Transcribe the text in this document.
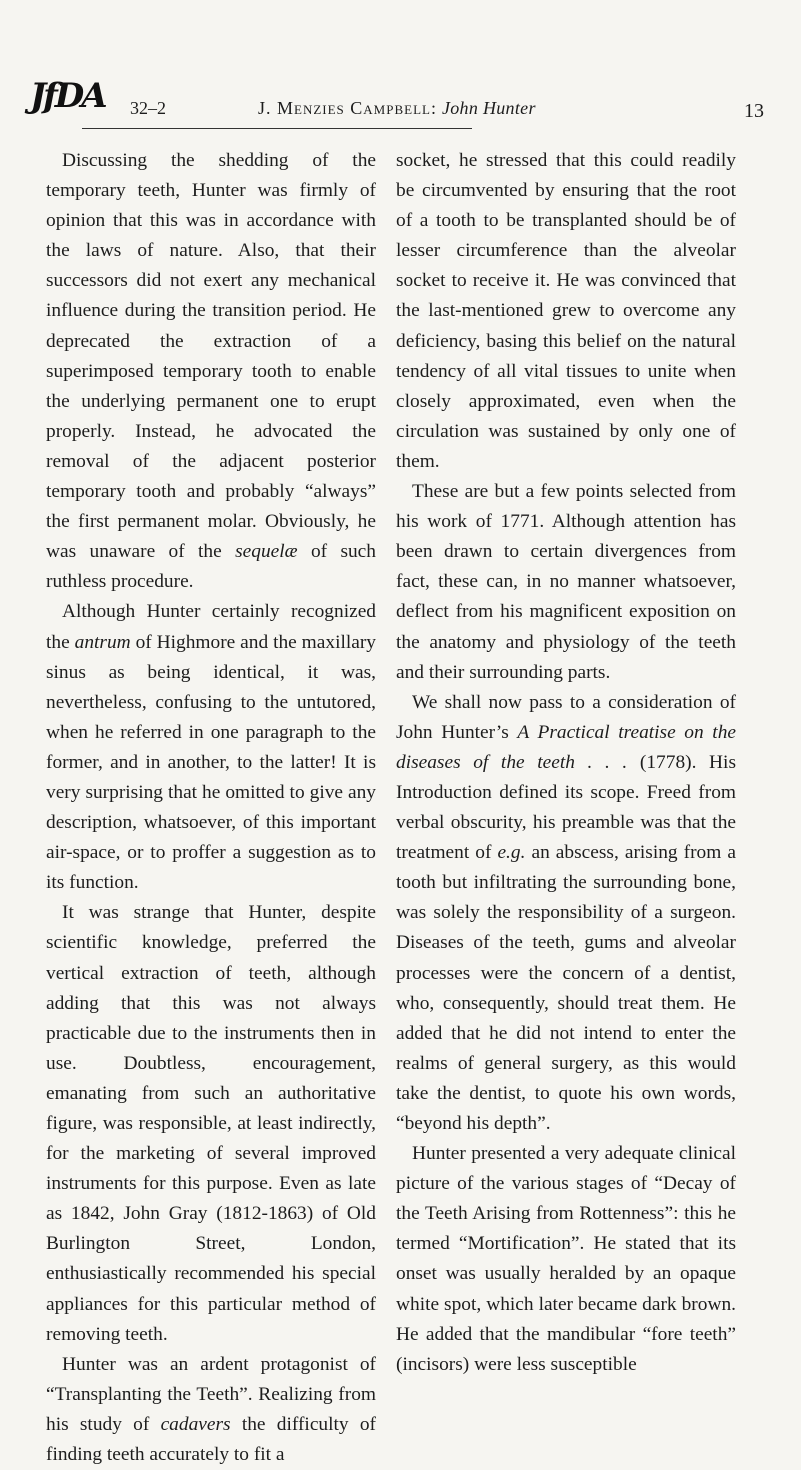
JfDA 32–2	J. Menzies Campbell: John Hunter	13

Discussing the shedding of the temporary teeth, Hunter was firmly of opinion that this was in accordance with the laws of nature. Also, that their successors did not exert any mechanical influence during the transition period. He deprecated the extraction of a superimposed temporary tooth to enable the underlying permanent one to erupt properly. Instead, he advocated the removal of the adjacent posterior temporary tooth and probably “always” the first permanent molar. Obviously, he was unaware of the sequelæ of such ruthless procedure.

Although Hunter certainly recognized the antrum of Highmore and the maxillary sinus as being identical, it was, nevertheless, confusing to the untutored, when he referred in one paragraph to the former, and in another, to the latter! It is very surprising that he omitted to give any description, whatsoever, of this important air-space, or to proffer a suggestion as to its function.

It was strange that Hunter, despite scientific knowledge, preferred the vertical extraction of teeth, although adding that this was not always practicable due to the instruments then in use. Doubtless, encouragement, emanating from such an authoritative figure, was responsible, at least indirectly, for the marketing of several improved instruments for this purpose. Even as late as 1842, John Gray (1812-1863) of Old Burlington Street, London, enthusiastically recommended his special appliances for this particular method of removing teeth.

Hunter was an ardent protagonist of “Transplanting the Teeth”. Realizing from his study of cadavers the difficulty of finding teeth accurately to fit a

socket, he stressed that this could readily be circumvented by ensuring that the root of a tooth to be transplanted should be of lesser circumference than the alveolar socket to receive it. He was convinced that the last-mentioned grew to overcome any deficiency, basing this belief on the natural tendency of all vital tissues to unite when closely approximated, even when the circulation was sustained by only one of them.

These are but a few points selected from his work of 1771. Although attention has been drawn to certain divergences from fact, these can, in no manner whatsoever, deflect from his magnificent exposition on the anatomy and physiology of the teeth and their surrounding parts.

We shall now pass to a consideration of John Hunter’s A Practical treatise on the diseases of the teeth . . . (1778). His Introduction defined its scope. Freed from verbal obscurity, his preamble was that the treatment of e.g. an abscess, arising from a tooth but infiltrating the surrounding bone, was solely the responsibility of a surgeon. Diseases of the teeth, gums and alveolar processes were the concern of a dentist, who, consequently, should treat them. He added that he did not intend to enter the realms of general surgery, as this would take the dentist, to quote his own words, “beyond his depth”.

Hunter presented a very adequate clinical picture of the various stages of “Decay of the Teeth Arising from Rottenness”: this he termed “Mortification”. He stated that its onset was usually heralded by an opaque white spot, which later became dark brown. He added that the mandibular “fore teeth” (incisors) were less susceptible
